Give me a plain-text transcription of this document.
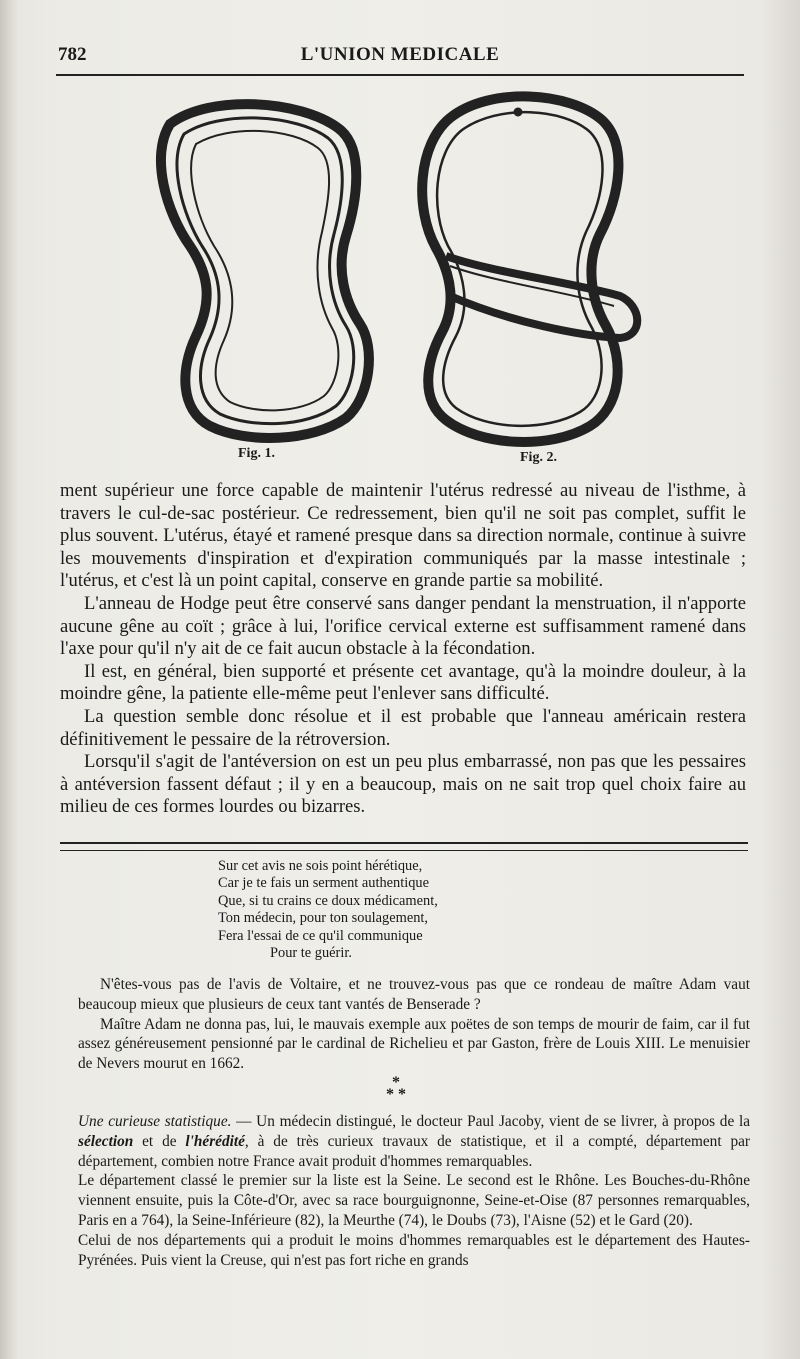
782	L'UNION MEDICALE
Fig. 1.	Fig. 2.

ment supérieur une force capable de maintenir l'utérus redressé au niveau de l'isthme, à travers le cul-de-sac postérieur. Ce redressement, bien qu'il ne soit pas complet, suffit le plus souvent. L'utérus, étayé et ramené presque dans sa direction normale, continue à suivre les mouvements d'inspiration et d'expiration communiqués par la masse intestinale ; l'utérus, et c'est là un point capital, conserve en grande partie sa mobilité.

L'anneau de Hodge peut être conservé sans danger pendant la menstruation, il n'apporte aucune gêne au coït ; grâce à lui, l'orifice cervical externe est suffisamment ramené dans l'axe pour qu'il n'y ait de ce fait aucun obstacle à la fécondation.

Il est, en général, bien supporté et présente cet avantage, qu'à la moindre douleur, à la moindre gêne, la patiente elle-même peut l'enlever sans difficulté.

La question semble donc résolue et il est probable que l'anneau américain restera définitivement le pessaire de la rétroversion.

Lorsqu'il s'agit de l'antéversion on est un peu plus embarrassé, non pas que les pessaires à antéversion fassent défaut ; il y en a beaucoup, mais on ne sait trop quel choix faire au milieu de ces formes lourdes ou bizarres.

Sur cet avis ne sois point hérétique,
Car je te fais un serment authentique
Que, si tu crains ce doux médicament,
Ton médecin, pour ton soulagement,
Fera l'essai de ce qu'il communique
Pour te guérir.

N'êtes-vous pas de l'avis de Voltaire, et ne trouvez-vous pas que ce rondeau de maître Adam vaut beaucoup mieux que plusieurs de ceux tant vantés de Benserade ?

Maître Adam ne donna pas, lui, le mauvais exemple aux poëtes de son temps de mourir de faim, car il fut assez généreusement pensionné par le cardinal de Richelieu et par Gaston, frère de Louis XIII. Le menuisier de Nevers mourut en 1662.

*
* *

Une curieuse statistique. — Un médecin distingué, le docteur Paul Jacoby, vient de se livrer, à propos de la sélection et de l'hérédité, à de très curieux travaux de statistique, et il a compté, département par département, combien notre France avait produit d'hommes remarquables.

Le département classé le premier sur la liste est la Seine. Le second est le Rhône. Les Bouches-du-Rhône viennent ensuite, puis la Côte-d'Or, avec sa race bourguignonne, Seine-et-Oise (87 personnes remarquables, Paris en a 764), la Seine-Inférieure (82), la Meurthe (74), le Doubs (73), l'Aisne (52) et le Gard (20).

Celui de nos départements qui a produit le moins d'hommes remarquables est le département des Hautes-Pyrénées. Puis vient la Creuse, qui n'est pas fort riche en grands
